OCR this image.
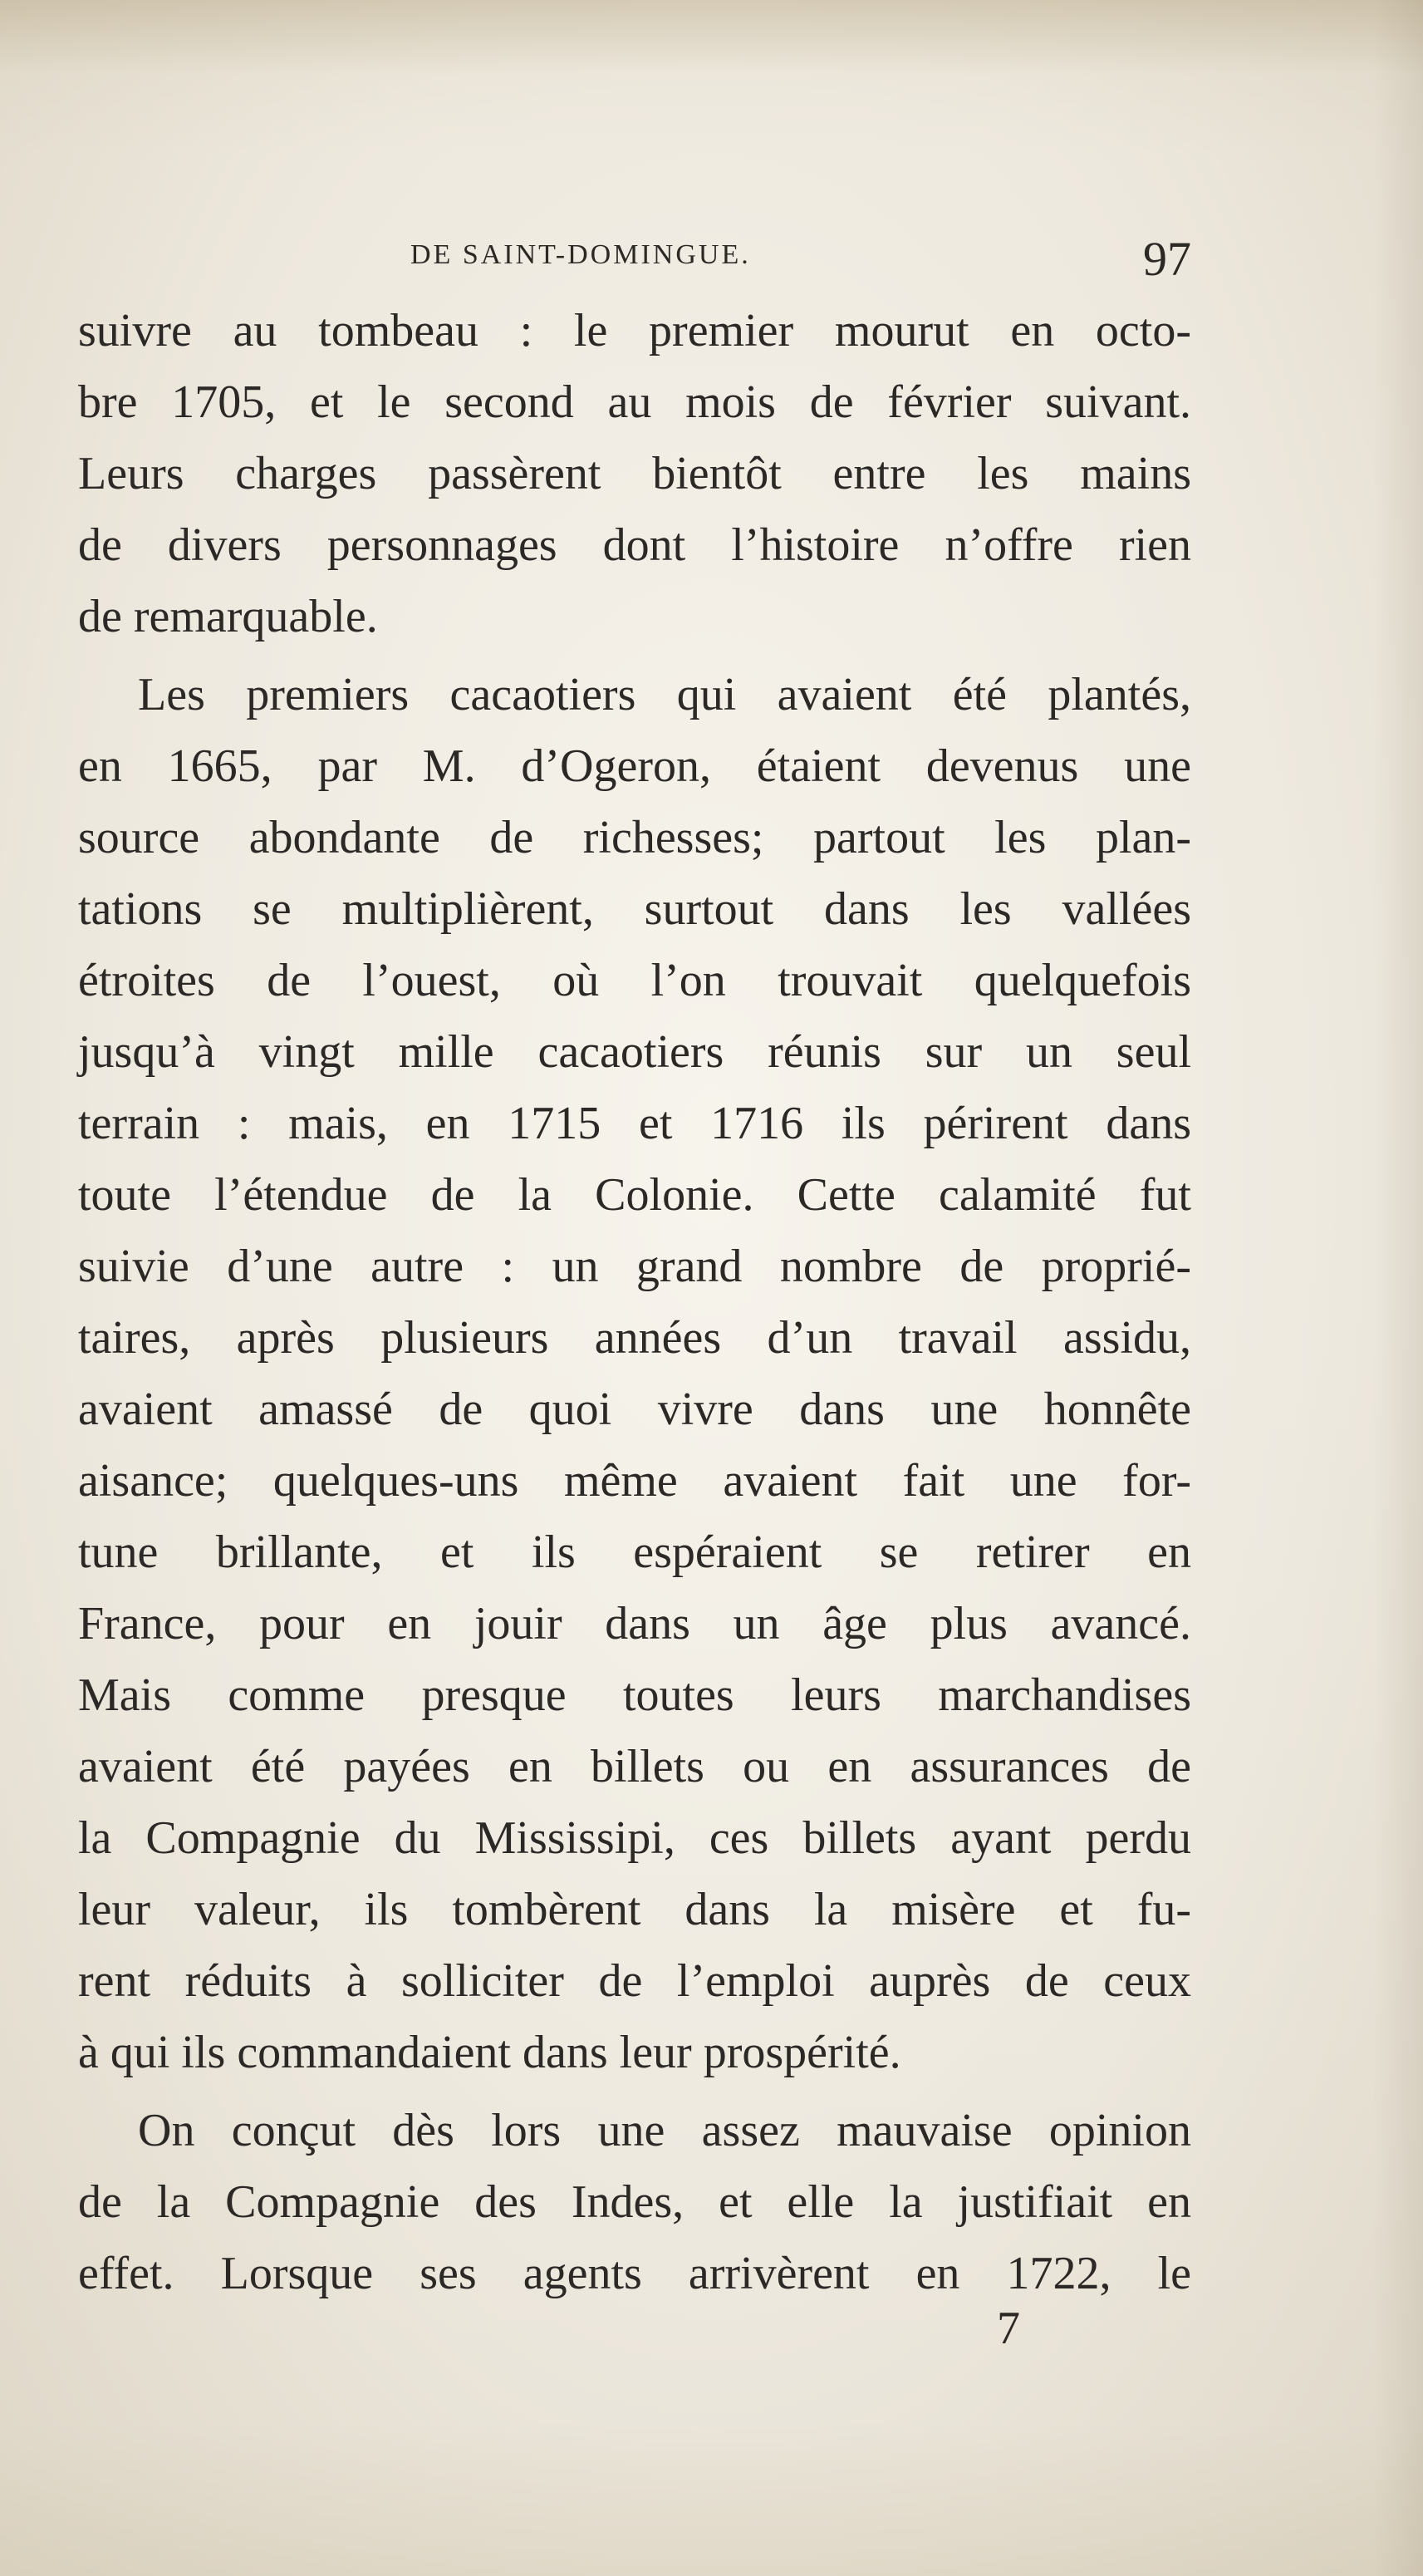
DE SAINT-DOMINGUE.	97
suivre au tombeau : le premier mourut en octo-
bre 1705, et le second au mois de février suivant.
Leurs charges passèrent bientôt entre les mains
de divers personnages dont l’histoire n’offre rien
de remarquable.
Les premiers cacaotiers qui avaient été plantés,
en 1665, par M. d’Ogeron, étaient devenus une
source abondante de richesses; partout les plan-
tations se multiplièrent, surtout dans les vallées
étroites de l’ouest, où l’on trouvait quelquefois
jusqu’à vingt mille cacaotiers réunis sur un seul
terrain : mais, en 1715 et 1716 ils périrent dans
toute l’étendue de la Colonie. Cette calamité fut
suivie d’une autre : un grand nombre de proprié-
taires, après plusieurs années d’un travail assidu,
avaient amassé de quoi vivre dans une honnête
aisance; quelques-uns même avaient fait une for-
tune brillante, et ils espéraient se retirer en
France, pour en jouir dans un âge plus avancé.
Mais comme presque toutes leurs marchandises
avaient été payées en billets ou en assurances de
la Compagnie du Mississipi, ces billets ayant perdu
leur valeur, ils tombèrent dans la misère et fu-
rent réduits à solliciter de l’emploi auprès de ceux
à qui ils commandaient dans leur prospérité.
On conçut dès lors une assez mauvaise opinion
de la Compagnie des Indes, et elle la justifiait en
effet. Lorsque ses agents arrivèrent en 1722, le
7
